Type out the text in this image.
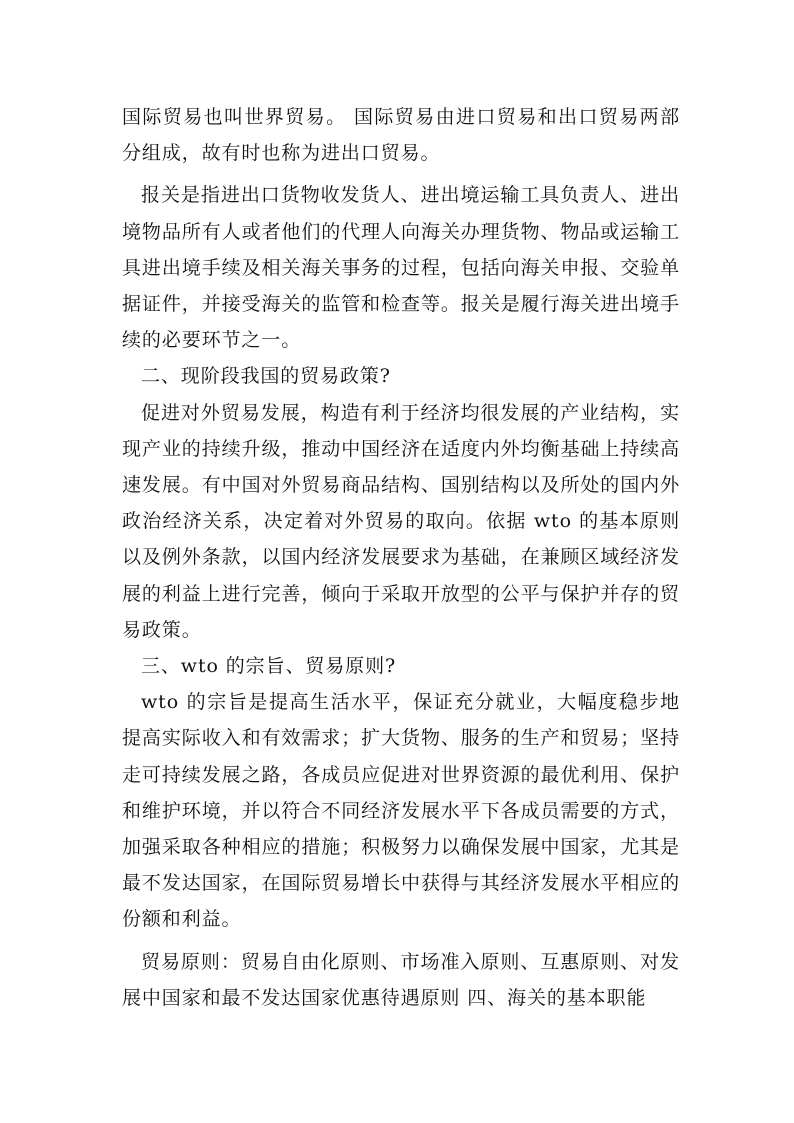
国际贸易也叫世界贸易。 国际贸易由进口贸易和出口贸易两部分组成，故有时也称为进出口贸易。

报关是指进出口货物收发货人、进出境运输工具负责人、进出境物品所有人或者他们的代理人向海关办理货物、物品或运输工具进出境手续及相关海关事务的过程，包括向海关申报、交验单据证件，并接受海关的监管和检查等。报关是履行海关进出境手续的必要环节之一。

二、现阶段我国的贸易政策?

促进对外贸易发展，构造有利于经济均很发展的产业结构，实现产业的持续升级，推动中国经济在适度内外均衡基础上持续高速发展。有中国对外贸易商品结构、国别结构以及所处的国内外政治经济关系，决定着对外贸易的取向。依据 wto 的基本原则以及例外条款，以国内经济发展要求为基础，在兼顾区域经济发展的利益上进行完善，倾向于采取开放型的公平与保护并存的贸易政策。

三、wto 的宗旨、贸易原则?

wto 的宗旨是提高生活水平，保证充分就业，大幅度稳步地提高实际收入和有效需求；扩大货物、服务的生产和贸易；坚持走可持续发展之路，各成员应促进对世界资源的最优利用、保护和维护环境，并以符合不同经济发展水平下各成员需要的方式，加强采取各种相应的措施；积极努力以确保发展中国家，尤其是最不发达国家，在国际贸易增长中获得与其经济发展水平相应的份额和利益。

贸易原则：贸易自由化原则、市场准入原则、互惠原则、对发展中国家和最不发达国家优惠待遇原则 四、海关的基本职能
